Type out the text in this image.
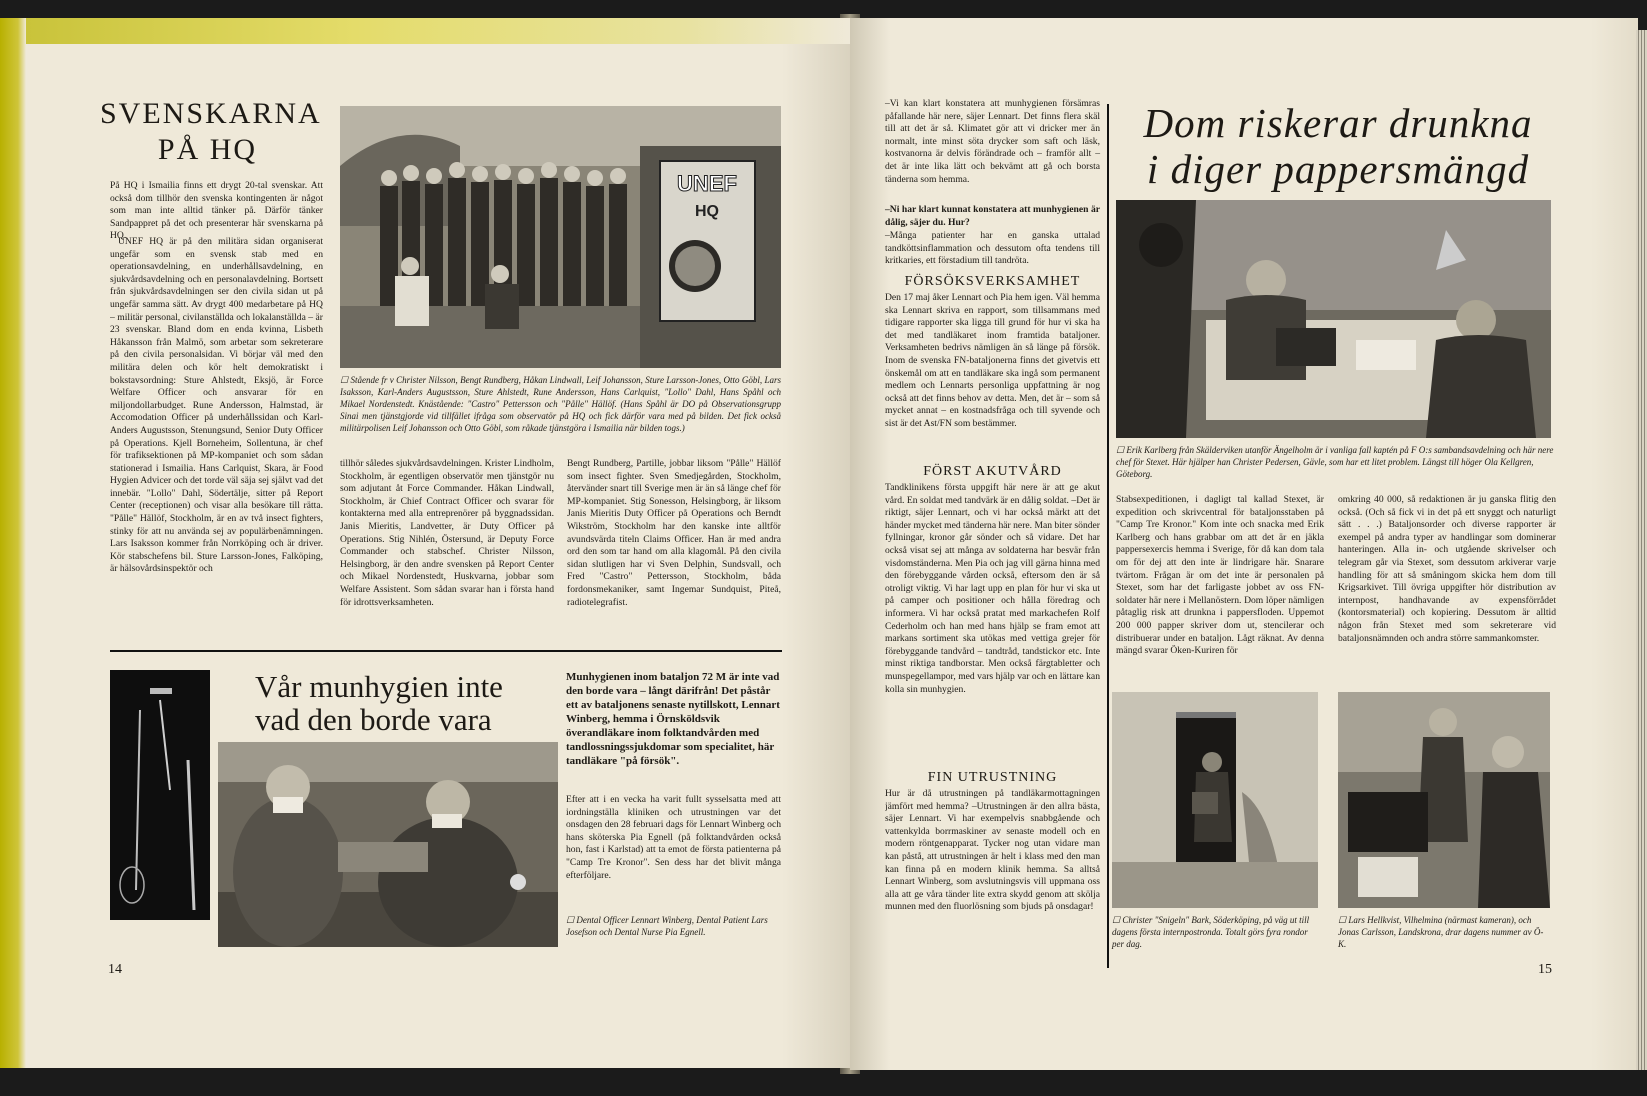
SVENSKARNA
PÅ HQ
På HQ i Ismailia finns ett drygt 20-tal svenskar. Att också dom tillhör den svenska kontingenten är något som man inte alltid tänker på. Därför tänker Sandpappret på det och presenterar här svenskarna på HQ.
UNEF HQ är på den militära sidan organiserat ungefär som en svensk stab med en operationsavdelning, en underhållsavdelning, en sjukvårdsavdelning och en personalavdelning. Bortsett från sjukvårdsavdelningen ser den civila sidan ut på ungefär samma sätt. Av drygt 400 medarbetare på HQ – militär personal, civilanställda och lokalanställda – är 23 svenskar. Bland dom en enda kvinna, Lisbeth Håkansson från Malmö, som arbetar som sekreterare på den civila personalsidan. Vi börjar väl med den militära delen och kör helt demokratiskt i bokstavsordning: Sture Ahlstedt, Eksjö, är Force Welfare Officer och ansvarar för en miljondollarbudget. Rune Andersson, Halmstad, är Accomodation Officer på underhållssidan och Karl-Anders Augustsson, Stenungsund, Senior Duty Officer på Operations. Kjell Borneheim, Sollentuna, är chef för trafiksektionen på MP-kompaniet och som sådan stationerad i Ismailia. Hans Carlquist, Skara, är Food Hygien Advicer och det torde väl säja sej självt vad det innebär. "Lollo" Dahl, Södertälje, sitter på Report Center (receptionen) och visar alla besökare till rätta. "Pålle" Hällöf, Stockholm, är en av två insect fighters, stinky för att nu använda sej av populärbenämningen. Lars Isaksson kommer från Norrköping och är driver. Kör stabschefens bil. Sture Larsson-Jones, Falköping, är hälsovårdsinspektör och
UNEF
HQ
☐ Stående fr v Christer Nilsson, Bengt Rundberg, Håkan Lindwall, Leif Johansson, Sture Larsson-Jones, Otto Göbl, Lars Isaksson, Karl-Anders Augustsson, Sture Ahlstedt, Rune Andersson, Hans Carlquist, "Lollo" Dahl, Hans Spåhl och Mikael Nordenstedt. Knästående: "Castro" Pettersson och "Pålle" Hällöf. (Hans Spåhl är DO på Observationsgrupp Sinai men tjänstgjorde vid tillfället ifråga som observatör på HQ och fick därför vara med på bilden. Det fick också militärpolisen Leif Johansson och Otto Göbl, som råkade tjänstgöra i Ismailia när bilden togs.)
tillhör således sjukvårdsavdelningen. Krister Lindholm, Stockholm, är egentligen observatör men tjänstgör nu som adjutant åt Force Commander. Håkan Lindwall, Stockholm, är Chief Contract Officer och svarar för kontakterna med alla entreprenörer på byggnadssidan. Janis Mieritis, Landvetter, är Duty Officer på Operations. Stig Nihlén, Östersund, är Deputy Force Commander och stabschef. Christer Nilsson, Helsingborg, är den andre svensken på Report Center och Mikael Nordenstedt, Huskvarna, jobbar som Welfare Assistent. Som sådan svarar han i första hand för idrottsverksamheten.
Bengt Rundberg, Partille, jobbar liksom "Pålle" Hällöf som insect fighter. Sven Smedjegården, Stockholm, återvänder snart till Sverige men är än så länge chef för MP-kompaniet. Stig Sonesson, Helsingborg, är liksom Janis Mieritis Duty Officer på Operations och Berndt Wikström, Stockholm har den kanske inte alltför avundsvärda titeln Claims Officer. Han är med andra ord den som tar hand om alla klagomål. På den civila sidan slutligen har vi Sven Delphin, Sundsvall, och Fred "Castro" Pettersson, Stockholm, båda fordonsmekaniker, samt Ingemar Sundquist, Piteå, radiotelegrafist.
Vår munhygien inte
vad den borde vara
Munhygienen inom bataljon 72 M är inte vad den borde vara – långt därifrån! Det påstår ett av bataljonens senaste nytillskott, Lennart Winberg, hemma i Örnsköldsvik överandläkare inom folktandvården med tandlossningssjukdomar som specialitet, här tandläkare "på försök".
Efter att i en vecka ha varit fullt sysselsatta med att iordningställa kliniken och utrustningen var det onsdagen den 28 februari dags för Lennart Winberg och hans sköterska Pia Egnell (på folktandvården också hon, fast i Karlstad) att ta emot de första patienterna på "Camp Tre Kronor". Sen dess har det blivit många efterföljare.
☐ Dental Officer Lennart Winberg, Dental Patient Lars Josefson och Dental Nurse Pia Egnell.
14
–Vi kan klart konstatera att munhygienen försämras påfallande här nere, säjer Lennart. Det finns flera skäl till att det är så. Klimatet gör att vi dricker mer än normalt, inte minst söta drycker som saft och läsk, kostvanorna är delvis förändrade och – framför allt – det är inte lika lätt och bekvämt att gå och borsta tänderna som hemma.
–Ni har klart kunnat konstatera att munhygienen är dålig, säjer du. Hur?
–Många patienter har en ganska uttalad tandköttsinflammation och dessutom ofta tendens till kritkaries, ett förstadium till tandröta.
FÖRSÖKSVERKSAMHET
Den 17 maj åker Lennart och Pia hem igen. Väl hemma ska Lennart skriva en rapport, som tillsammans med tidigare rapporter ska ligga till grund för hur vi ska ha det med tandläkaret inom framtida bataljoner. Verksamheten bedrivs nämligen än så länge på försök. Inom de svenska FN-bataljonerna finns det givetvis ett önskemål om att en tandläkare ska ingå som permanent medlem och Lennarts personliga uppfattning är nog också att det finns behov av detta. Men, det är – som så mycket annat – en kostnadsfråga och till syvende och sist är det Ast/FN som bestämmer.
FÖRST AKUTVÅRD
Tandklinikens första uppgift här nere är att ge akut vård. En soldat med tandvärk är en dålig soldat. –Det är riktigt, säjer Lennart, och vi har också märkt att det händer mycket med tänderna här nere. Man biter sönder fyllningar, kronor går sönder och så vidare. Det har också visat sej att många av soldaterna har besvär från visdomständerna. Men Pia och jag vill gärna hinna med den förebyggande vården också, eftersom den är så otroligt viktig. Vi har lagt upp en plan för hur vi ska ut på camper och positioner och hålla föredrag och informera. Vi har också pratat med markachefen Rolf Cederholm och han med hans hjälp se fram emot att markans sortiment ska utökas med vettiga grejer för förebyggande tandvård – tandtråd, tandstickor etc. Inte minst riktiga tandborstar. Men också färgtabletter och munspegellampor, med vars hjälp var och en lättare kan kolla sin munhygien.
FIN UTRUSTNING
Hur är då utrustningen på tandläkarmottagningen jämfört med hemma? –Utrustningen är den allra bästa, säjer Lennart. Vi har exempelvis snabbgående och vattenkylda borrmaskiner av senaste modell och en modern röntgenapparat. Tycker nog utan vidare man kan påstå, att utrustningen är helt i klass med den man kan finna på en modern klinik hemma. Sa alltså Lennart Winberg, som avslutningsvis vill uppmana oss alla att ge våra tänder lite extra skydd genom att skölja munnen med den fluorlösning som bjuds på onsdagar!
Dom riskerar drunkna
i diger pappersmängd
☐ Erik Karlberg från Skälderviken utanför Ängelholm är i vanliga fall kaptén på F O:s sambandsavdelning och här nere chef för Stexet. Här hjälper han Christer Pedersen, Gävle, som har ett litet problem. Längst till höger Ola Kellgren, Göteborg.
Stabsexpeditionen, i dagligt tal kallad Stexet, är expedition och skrivcentral för bataljonsstaben på "Camp Tre Kronor." Kom inte och snacka med Erik Karlberg och hans grabbar om att det är en jäkla pappersexercis hemma i Sverige, för då kan dom tala om för dej att den inte är lindrigare här. Snarare tvärtom. Frågan är om det inte är personalen på Stexet, som har det farligaste jobbet av oss FN-soldater här nere i Mellanöstern. Dom löper nämligen påtaglig risk att drunkna i pappersfloden. Uppemot 200 000 papper skriver dom ut, stencilerar och distribuerar under en bataljon. Lågt räknat. Av denna mängd svarar Öken-Kuriren för
omkring 40 000, så redaktionen är ju ganska flitig den också. (Och så fick vi in det på ett snyggt och naturligt sätt . . .) Bataljonsorder och diverse rapporter är exempel på andra typer av handlingar som dominerar hanteringen. Alla in- och utgående skrivelser och telegram går via Stexet, som dessutom arkiverar varje handling för att så småningom skicka hem dom till Krigsarkivet. Till övriga uppgifter hör distribution av internpost, handhavande av expensförrådet (kontorsmaterial) och kopiering. Dessutom är alltid någon från Stexet med som sekreterare vid bataljonsnämnden och andra större sammankomster.
☐ Christer "Snigeln" Bark, Söderköping, på väg ut till dagens första internpostronda. Totalt görs fyra rondor per dag.
☐ Lars Hellkvist, Vilhelmina (närmast kameran), och Jonas Carlsson, Landskrona, drar dagens nummer av Ö-K.
15
